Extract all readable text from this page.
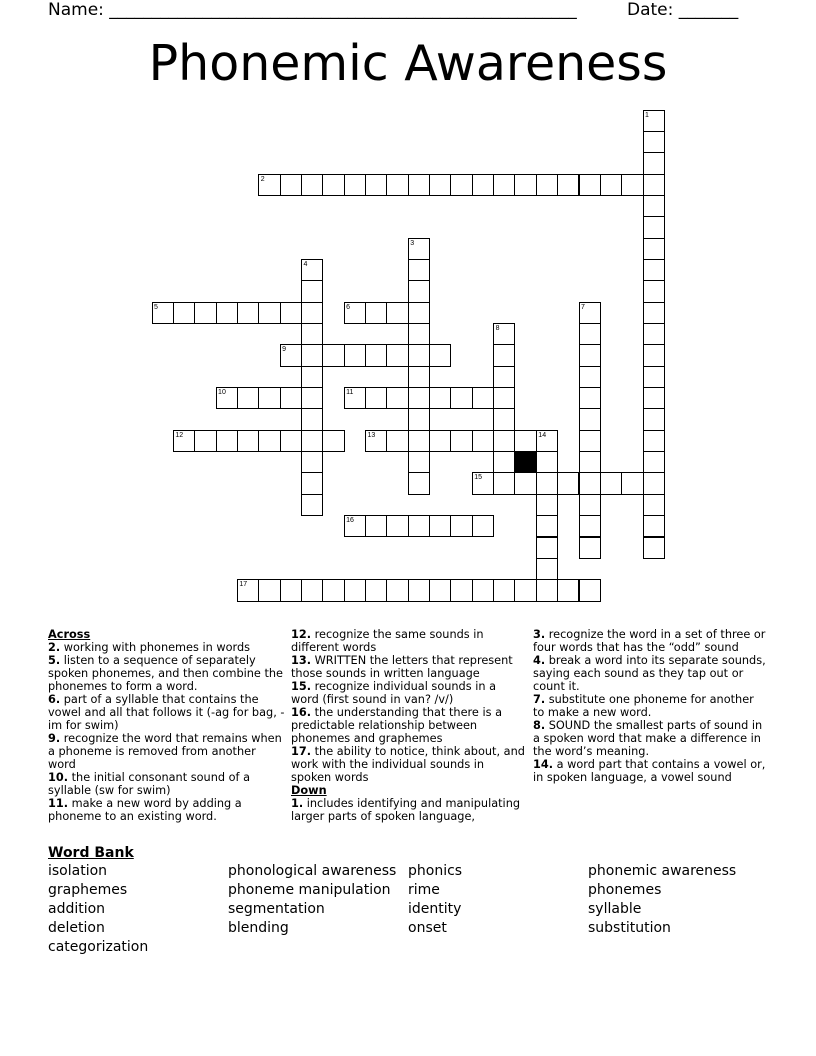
Name: _______________________________________________________	Date: _______
Phonemic Awareness
1
2
3
4
5	6	7
8
9
10	11
12	13	14
15
16
17

Across

2. working with phonemes in words

5. listen to a sequence of separately spoken phonemes, and then combine the phonemes to form a word.

6. part of a syllable that contains the vowel and all that follows it (-ag for bag, -im for swim)

9. recognize the word that remains when a phoneme is removed from another word

10. the initial consonant sound of a syllable (sw for swim)

11. make a new word by adding a phoneme to an existing word.

12. recognize the same sounds in different words

13. WRITTEN the letters that represent those sounds in written language

15. recognize individual sounds in a word (first sound in van? /v/)

16. the understanding that there is a predictable relationship between phonemes and graphemes

17. the ability to notice, think about, and work with the individual sounds in spoken words

Down

1. includes identifying and manipulating larger parts of spoken language,

3. recognize the word in a set of three or four words that has the “odd” sound

4. break a word into its separate sounds, saying each sound as they tap out or count it.

7. substitute one phoneme for another to make a new word.

8. SOUND the smallest parts of sound in a spoken word that make a difference in the word’s meaning.

14. a word part that contains a vowel or, in spoken language, a vowel sound

Word Bank
isolation
graphemes
addition
deletion
categorization
phonological awareness
phoneme manipulation
segmentation
blending
phonics
rime
identity
onset
phonemic awareness
phonemes
syllable
substitution
